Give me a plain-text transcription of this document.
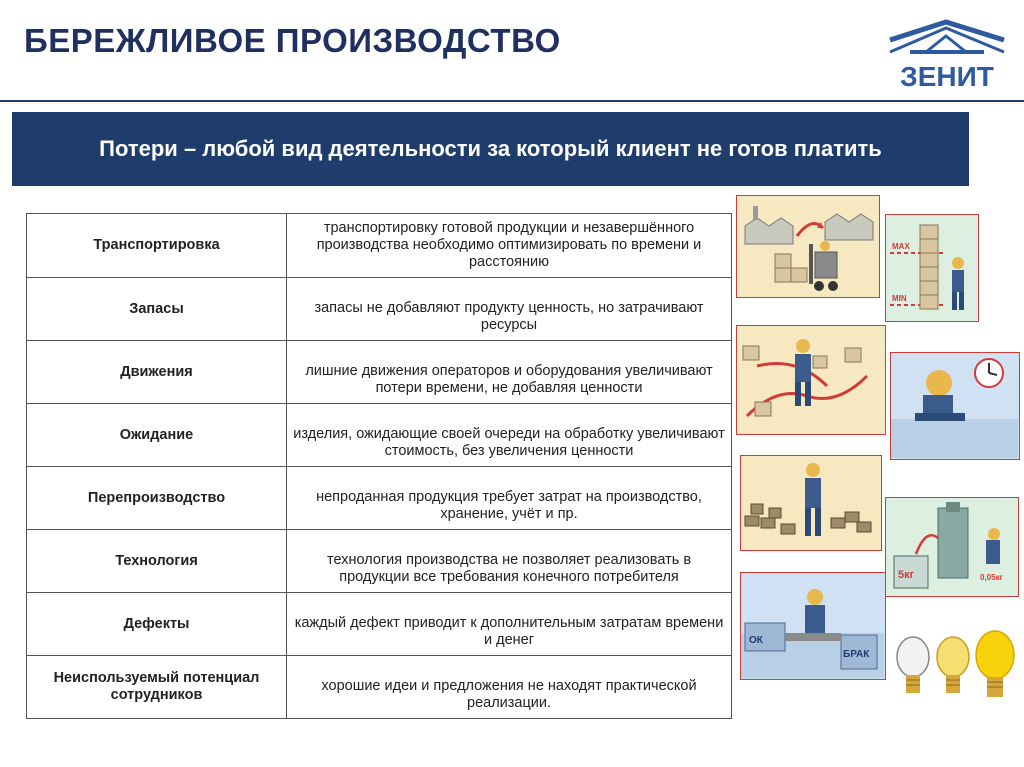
БЕРЕЖЛИВОЕ ПРОИЗВОДСТВО
ЗЕНИТ
Потери – любой вид деятельности за который клиент не готов платить
Транспортировка	транспортировку готовой продукции и незавершённого производства необходимо оптимизировать по времени и расстоянию
Запасы	запасы не добавляют продукту ценность, но затрачивают ресурсы
Движения	лишние движения операторов и оборудования увеличивают потери времени, не добавляя ценности
Ожидание	изделия, ожидающие своей очереди на обработку увеличивают стоимость, без увеличения ценности
Перепроизводство	непроданная продукция требует затрат на производство, хранение, учёт и пр.
Технология	технология производства не позволяет реализовать в продукции все требования конечного потребителя
Дефекты	каждый дефект приводит к дополнительным затратам времени и денег
Неиспользуемый потенциал сотрудников	хорошие идеи и предложения не находят практической реализации.
MAX
MIN
5кг	0,05кг
ОК
БРАК
